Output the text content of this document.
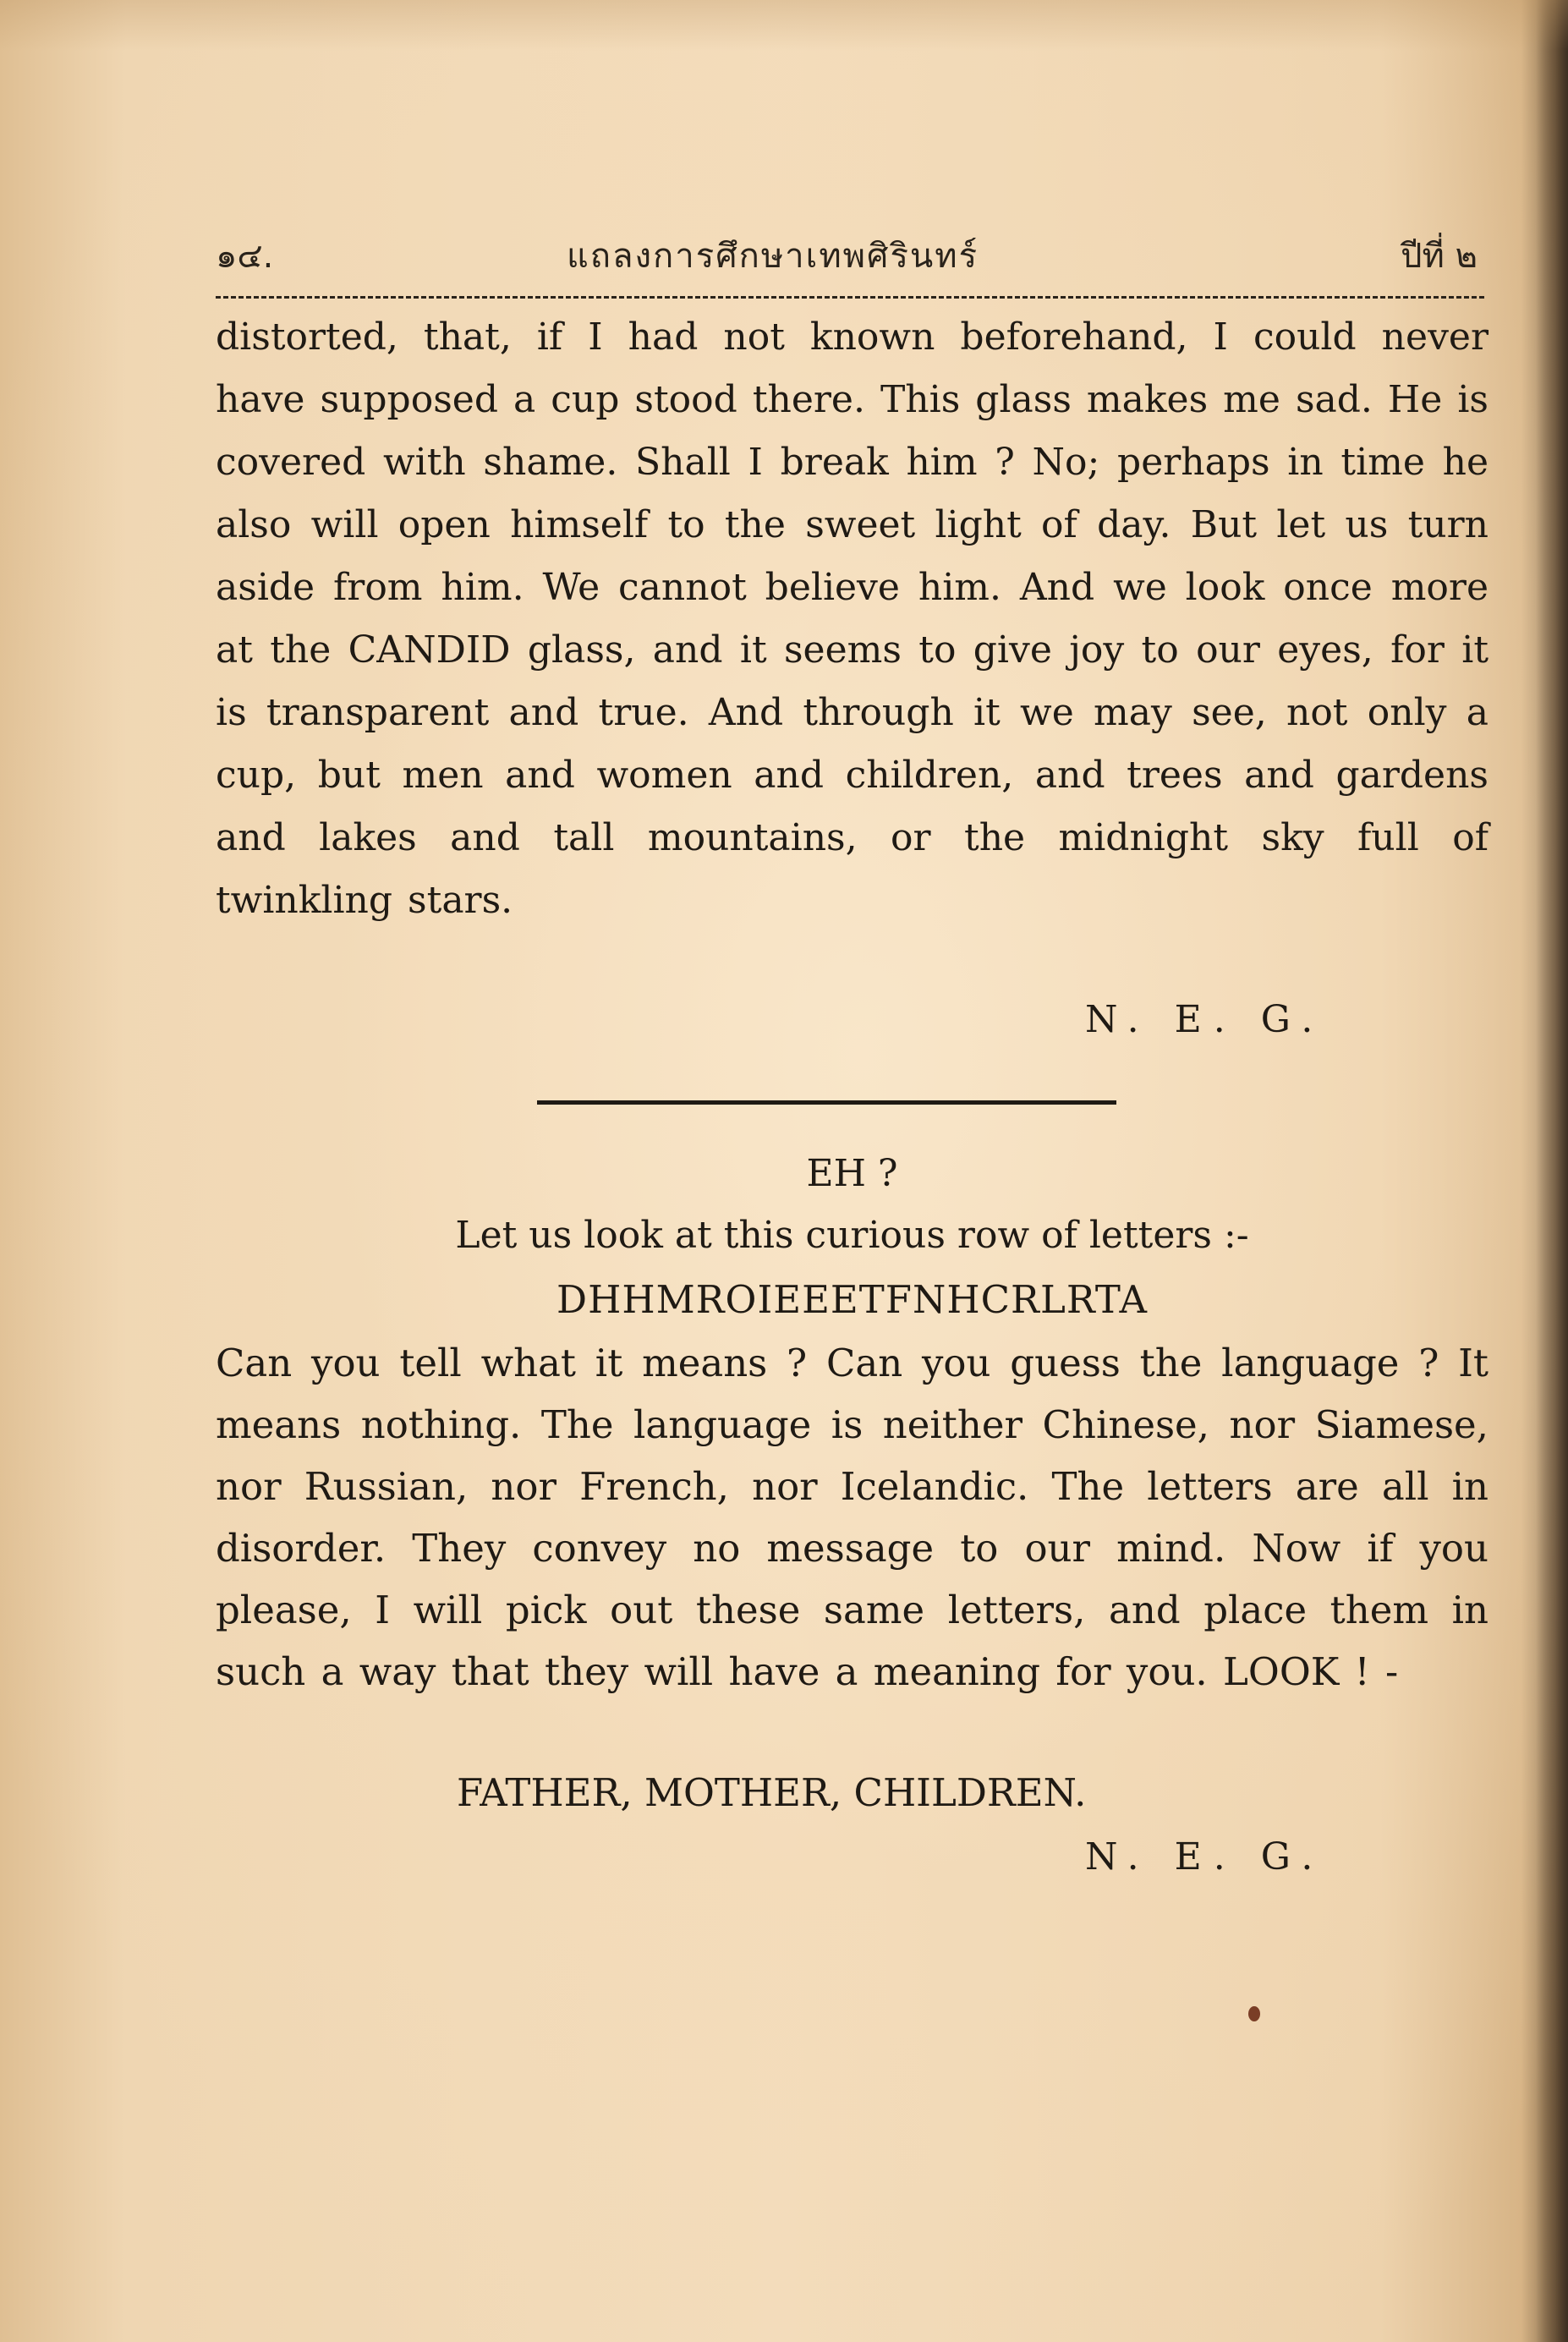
๑๔.	แถลงการศึกษาเทพศิรินทร์	ปีที่ ๒
distorted, that, if I had not known beforehand, I could never have supposed a cup stood there. This glass makes me sad. He is covered with shame. Shall I break him ? No; perhaps in time he also will open himself to the sweet light of day. But let us turn aside from him. We cannot believe him. And we look once more at the CANDID glass, and it seems to give joy to our eyes, for it is transparent and true. And through it we may see, not only a cup, but men and women and children, and trees and gardens and lakes and tall mountains, or the midnight sky full of twinkling stars.
N. E. G.
EH ?
Let us look at this curious row of letters :-
DHHMROIEEETFNHCRLRTA
Can you tell what it means ? Can you guess the language ? It means nothing. The language is neither Chinese, nor Siamese, nor Russian, nor French, nor Icelandic. The letters are all in disorder. They convey no message to our mind. Now if you please, I will pick out these same letters, and place them in such a way that they will have a meaning for you. LOOK ! -
FATHER, MOTHER, CHILDREN.
N. E. G.
